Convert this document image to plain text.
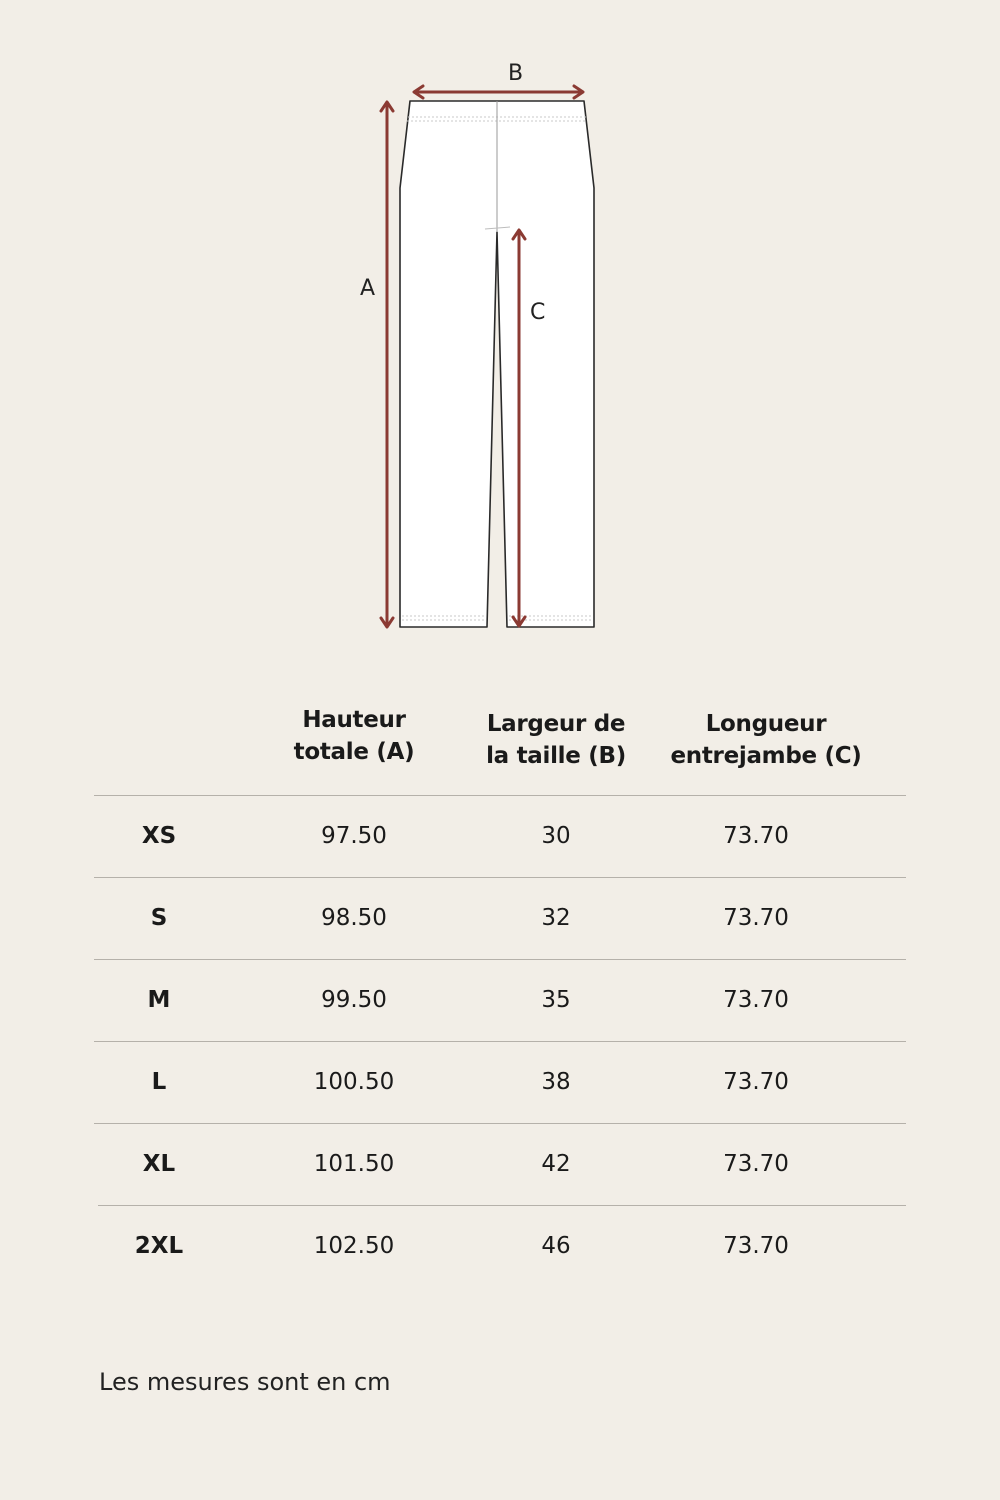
A
B
C
Hauteur
totale (A)
Largeur de
la taille (B)
Longueur
entrejambe (C)
XS	97.50	30	73.70
S	98.50	32	73.70
M	99.50	35	73.70
L	100.50	38	73.70
XL	101.50	42	73.70
2XL	102.50	46	73.70
Les mesures sont en cm
